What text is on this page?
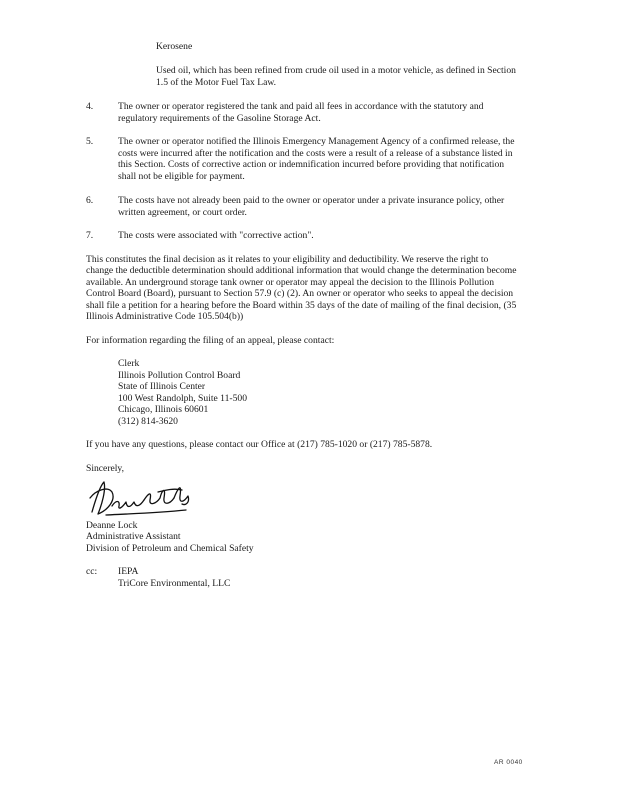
Kerosene
Used oil, which has been refined from crude oil used in a motor vehicle, as defined in Section
1.5 of the Motor Fuel Tax Law.
4.	The owner or operator registered the tank and paid all fees in accordance with the statutory and
regulatory requirements of the Gasoline Storage Act.
5.	The owner or operator notified the Illinois Emergency Management Agency of a confirmed release, the
costs were incurred after the notification and the costs were a result of a release of a substance listed in
this Section. Costs of corrective action or indemnification incurred before providing that notification
shall not be eligible for payment.
6.	The costs have not already been paid to the owner or operator under a private insurance policy, other
written agreement, or court order.
7.	The costs were associated with "corrective action".
This constitutes the final decision as it relates to your eligibility and deductibility. We reserve the right to
change the deductible determination should additional information that would change the determination become
available. An underground storage tank owner or operator may appeal the decision to the Illinois Pollution
Control Board (Board), pursuant to Section 57.9 (c) (2). An owner or operator who seeks to appeal the decision
shall file a petition for a hearing before the Board within 35 days of the date of mailing of the final decision, (35
Illinois Administrative Code 105.504(b))
For information regarding the filing of an appeal, please contact:
Clerk
Illinois Pollution Control Board
State of Illinois Center
100 West Randolph, Suite 11-500
Chicago, Illinois 60601
(312) 814-3620
If you have any questions, please contact our Office at (217) 785-1020 or (217) 785-5878.
Sincerely,
Deanne Lock
Administrative Assistant
Division of Petroleum and Chemical Safety
cc: IEPA
TriCore Environmental, LLC
AR 0040
